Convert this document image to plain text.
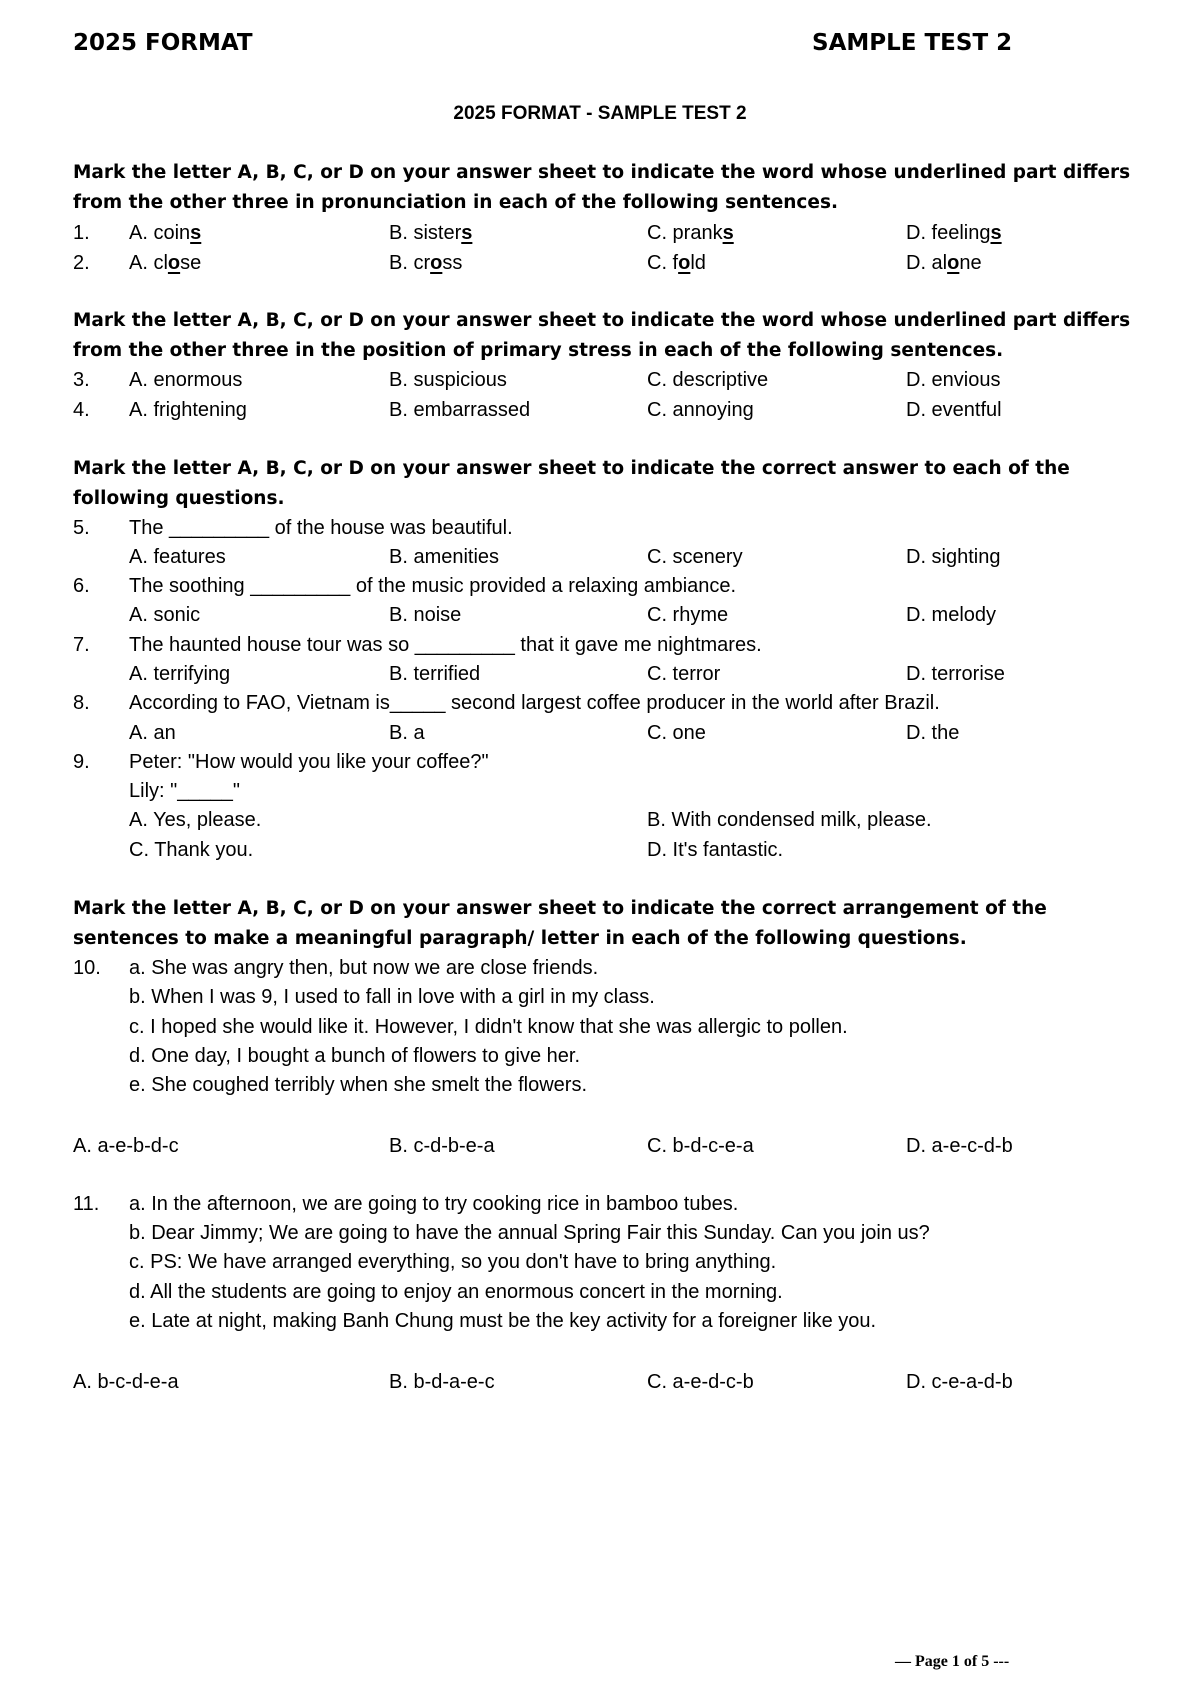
2025 FORMAT	SAMPLE TEST 2
2025 FORMAT - SAMPLE TEST 2
Mark the letter A, B, C, or D on your answer sheet to indicate the word whose underlined part differs from the other three in pronunciation in each of the following sentences.
1. A. coins	B. sisters	C. pranks	D. feelings
2. A. close	B. cross	C. fold	D. alone
Mark the letter A, B, C, or D on your answer sheet to indicate the word whose underlined part differs from the other three in the position of primary stress in each of the following sentences.
3. A. enormous	B. suspicious	C. descriptive	D. envious
4. A. frightening	B. embarrassed	C. annoying	D. eventful
Mark the letter A, B, C, or D on your answer sheet to indicate the correct answer to each of the following questions.
5. The _________ of the house was beautiful.
A. features	B. amenities	C. scenery	D. sighting
6. The soothing _________ of the music provided a relaxing ambiance.
A. sonic	B. noise	C. rhyme	D. melody
7. The haunted house tour was so _________ that it gave me nightmares.
A. terrifying	B. terrified	C. terror	D. terrorise
8. According to FAO, Vietnam is_____ second largest coffee producer in the world after Brazil.
A. an	B. a	C. one	D. the
9. Peter: "How would you like your coffee?"
Lily: "_____"
A. Yes, please.	B. With condensed milk, please.
C. Thank you.	D. It's fantastic.
Mark the letter A, B, C, or D on your answer sheet to indicate the correct arrangement of the sentences to make a meaningful paragraph/ letter in each of the following questions.
10. a. She was angry then, but now we are close friends.
b. When I was 9, I used to fall in love with a girl in my class.
c. I hoped she would like it. However, I didn't know that she was allergic to pollen.
d. One day, I bought a bunch of flowers to give her.
e. She coughed terribly when she smelt the flowers.
A. a-e-b-d-c	B. c-d-b-e-a	C. b-d-c-e-a	D. a-e-c-d-b
11. a. In the afternoon, we are going to try cooking rice in bamboo tubes.
b. Dear Jimmy; We are going to have the annual Spring Fair this Sunday. Can you join us?
c. PS: We have arranged everything, so you don't have to bring anything.
d. All the students are going to enjoy an enormous concert in the morning.
e. Late at night, making Banh Chung must be the key activity for a foreigner like you.
A. b-c-d-e-a	B. b-d-a-e-c	C. a-e-d-c-b	D. c-e-a-d-b
— Page 1 of 5 ---
